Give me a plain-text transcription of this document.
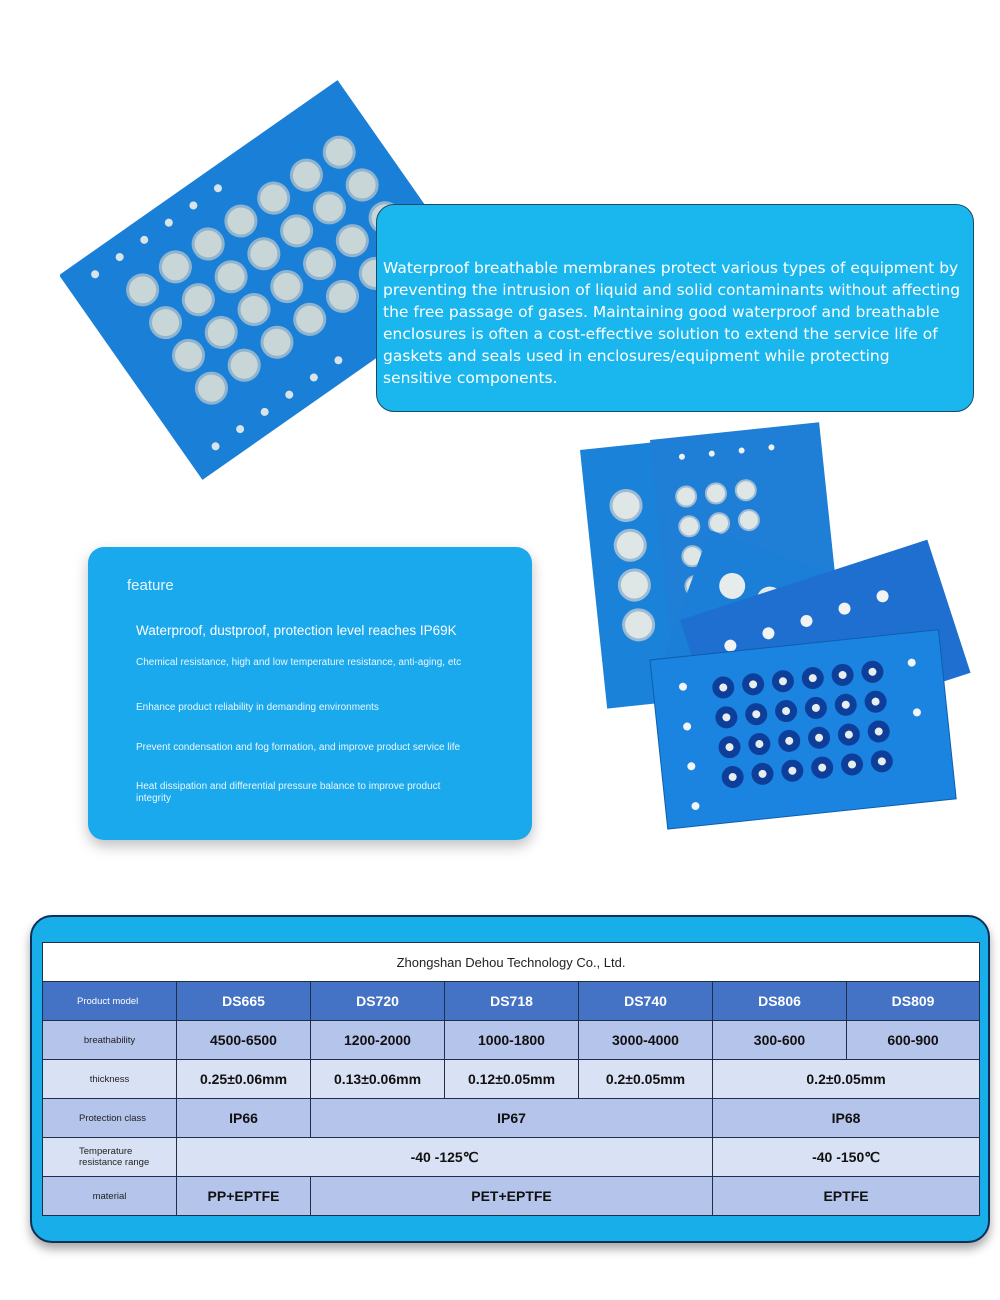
Waterproof breathable membranes protect various types of equipment by preventing the intrusion of liquid and solid contaminants without affecting the free passage of gases. Maintaining good waterproof and breathable enclosures is often a cost-effective solution to extend the service life of gaskets and seals used in enclosures/equipment while protecting sensitive components.
feature
Waterproof, dustproof, protection level reaches IP69K
Chemical resistance, high and low temperature resistance, anti-aging, etc
Enhance product reliability in demanding environments
Prevent condensation and fog formation, and improve product service life
Heat dissipation and differential pressure balance to improve product integrity
Zhongshan Dehou Technology Co., Ltd.						
Product model	DS665	DS720	DS718	DS740	DS806	DS809
breathability	4500-6500	1200-2000	1000-1800	3000-4000	300-600	600-900
thickness	0.25±0.06mm	0.13±0.06mm	0.12±0.05mm	0.2±0.05mm	0.2±0.05mm	
Protection class	IP66	IP67			IP68	
Temperature resistance range	-40 -125℃				-40 -150℃	
material	PP+EPTFE	PET+EPTFE			EPTFE	
